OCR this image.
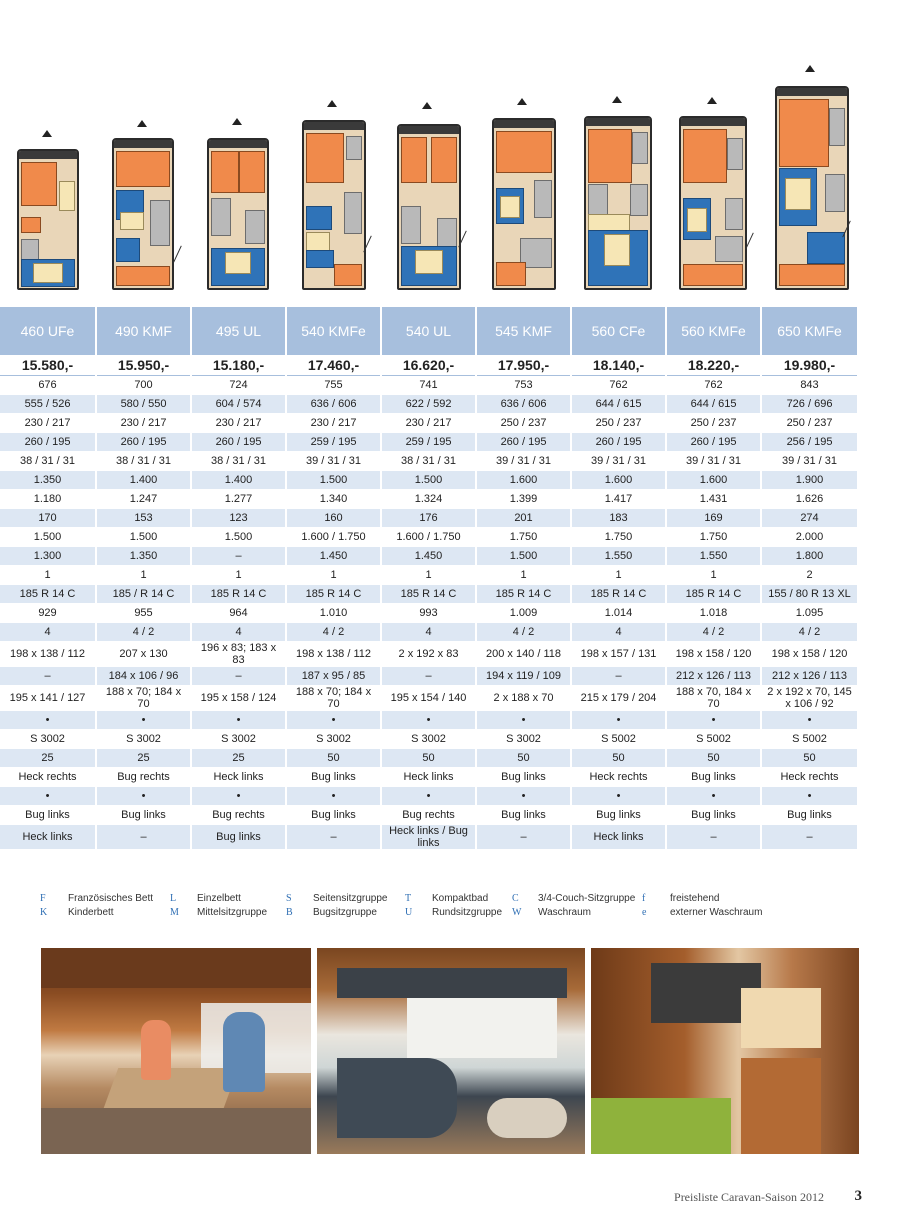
460 UFe	490 KMF	495 UL	540 KMFe	540 UL	545 KMF	560 CFe	560 KMFe	650 KMFe
15.580,-	15.950,-	15.180,-	17.460,-	16.620,-	17.950,-	18.140,-	18.220,-	19.980,-
676	700	724	755	741	753	762	762	843
555 / 526	580 / 550	604 / 574	636 / 606	622 / 592	636 / 606	644 / 615	644 / 615	726 / 696
230 / 217	230 / 217	230 / 217	230 / 217	230 / 217	250 / 237	250 / 237	250 / 237	250 / 237
260 / 195	260 / 195	260 / 195	259 / 195	259 / 195	260 / 195	260 / 195	260 / 195	256 / 195
38 / 31 / 31	38 / 31 / 31	38 / 31 / 31	39 / 31 / 31	38 / 31 / 31	39 / 31 / 31	39 / 31 / 31	39 / 31 / 31	39 / 31 / 31
1.350	1.400	1.400	1.500	1.500	1.600	1.600	1.600	1.900
1.180	1.247	1.277	1.340	1.324	1.399	1.417	1.431	1.626
170	153	123	160	176	201	183	169	274
1.500	1.500	1.500	1.600 / 1.750	1.600 / 1.750	1.750	1.750	1.750	2.000
1.300	1.350	–	1.450	1.450	1.500	1.550	1.550	1.800
1	1	1	1	1	1	1	1	2
185 R 14 C	185 / R 14 C	185 R 14 C	185 R 14 C	185 R 14 C	185 R 14 C	185 R 14 C	185 R 14 C	155 / 80 R 13 XL
929	955	964	1.010	993	1.009	1.014	1.018	1.095
4	4 / 2	4	4 / 2	4	4 / 2	4	4 / 2	4 / 2
198 x 138 / 112	207 x 130	196 x 83; 183 x 83	198 x 138 / 112	2 x 192 x 83	200 x 140 / 118	198 x 157 / 131	198 x 158 / 120	198 x 158 / 120
–	184 x 106 / 96	–	187 x 95 / 85	–	194 x 119 / 109	–	212 x 126 / 113	212 x 126 / 113
195 x 141 / 127	188 x 70; 184 x 70	195 x 158 / 124	188 x 70; 184 x 70	195 x 154 / 140	2 x 188 x 70	215 x 179 / 204	188 x 70, 184 x 70	2 x 192 x 70, 145 x 106 / 92
•	•	•	•	•	•	•	•	•
S 3002	S 3002	S 3002	S 3002	S 3002	S 3002	S 5002	S 5002	S 5002
25	25	25	50	50	50	50	50	50
Heck rechts	Bug rechts	Heck links	Bug links	Heck links	Bug links	Heck rechts	Bug links	Heck rechts
•	•	•	•	•	•	•	•	•
Bug links	Bug links	Bug rechts	Bug links	Bug rechts	Bug links	Bug links	Bug links	Bug links
Heck links	–	Bug links	–	Heck links / Bug links	–	Heck links	–	–
F Französisches Bett
K Kinderbett
L Einzelbett
M Mittelsitzgruppe
S Seitensitzgruppe
B Bugsitzgruppe
T Kompaktbad
U Rundsitzgruppe
C 3/4-Couch-Sitzgruppe
W Waschraum
f freistehend
e externer Waschraum
Preisliste Caravan-Saison 2012 3
